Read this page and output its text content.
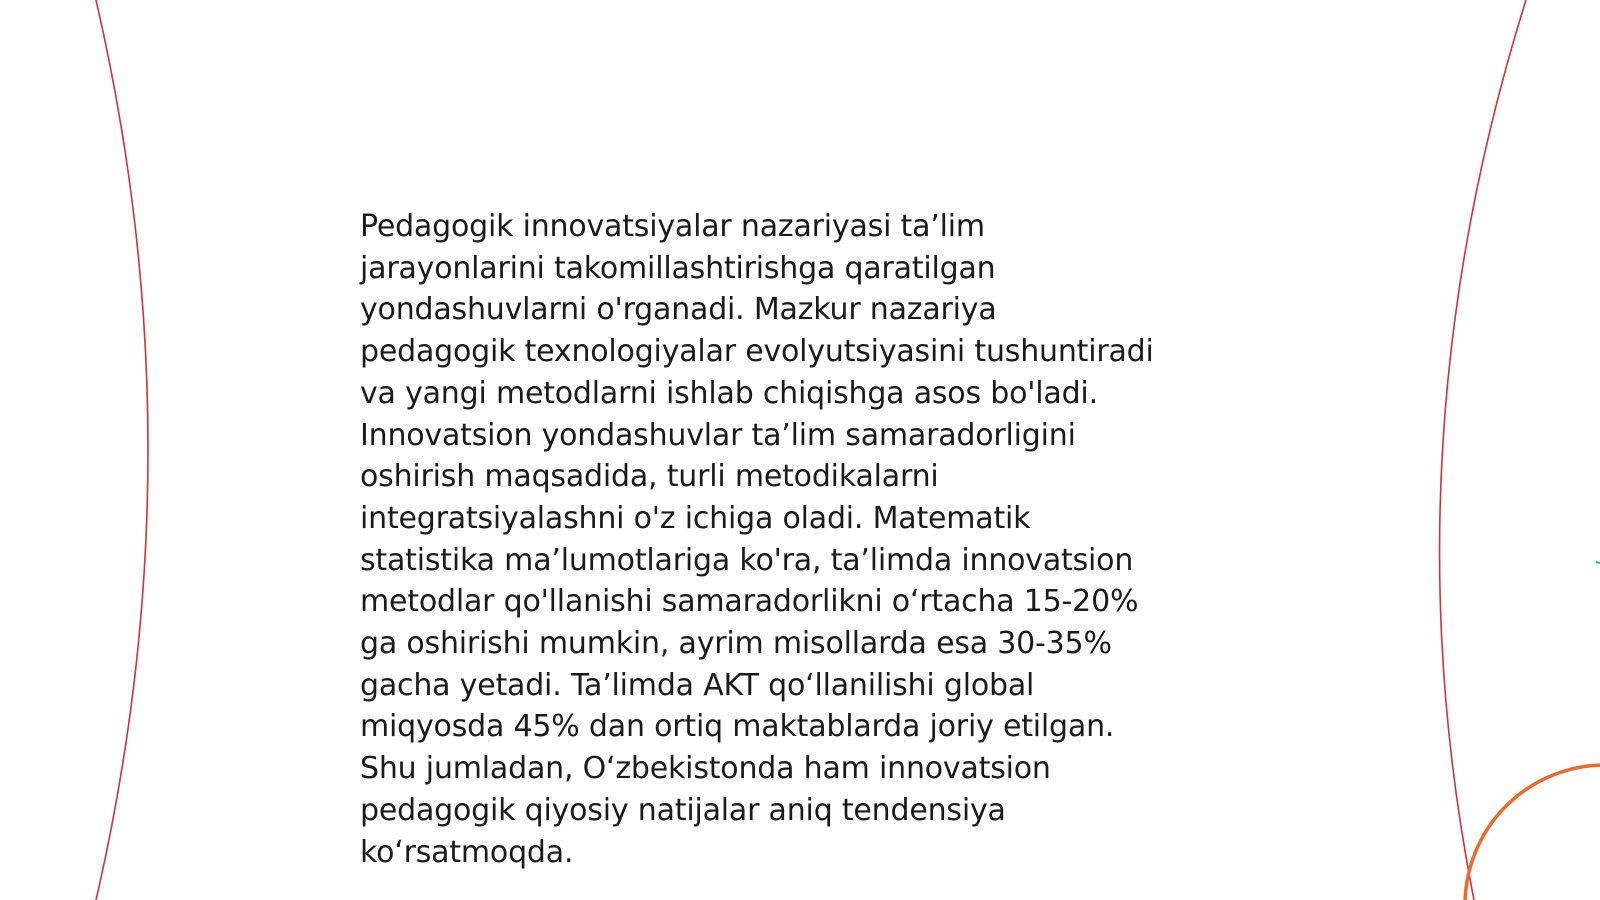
Pedagogik innovatsiyalar nazariyasi ta’lim
jarayonlarini takomillashtirishga qaratilgan
yondashuvlarni o'rganadi. Mazkur nazariya
pedagogik texnologiyalar evolyutsiyasini tushuntiradi
va yangi metodlarni ishlab chiqishga asos bo'ladi.
Innovatsion yondashuvlar ta’lim samaradorligini
oshirish maqsadida, turli metodikalarni
integratsiyalashni o'z ichiga oladi. Matematik
statistika ma’lumotlariga ko'ra, ta’limda innovatsion
metodlar qo'llanishi samaradorlikni o‘rtacha 15-20%
ga oshirishi mumkin, ayrim misollarda esa 30-35%
gacha yetadi. Ta’limda AKT qo‘llanilishi global
miqyosda 45% dan ortiq maktablarda joriy etilgan.
Shu jumladan, O‘zbekistonda ham innovatsion
pedagogik qiyosiy natijalar aniq tendensiya
ko‘rsatmoqda.
